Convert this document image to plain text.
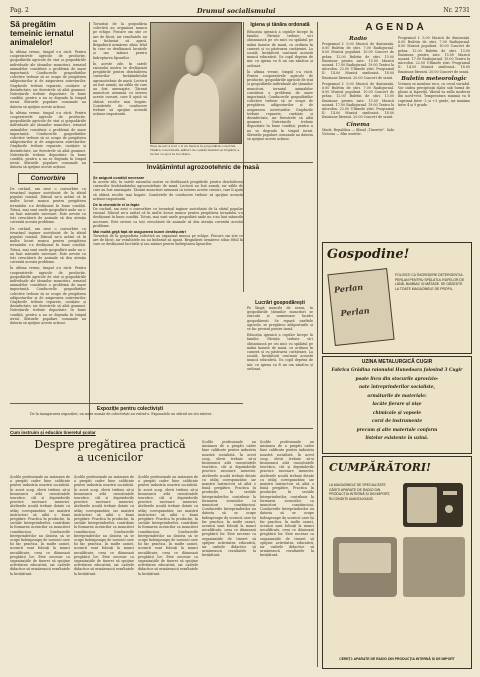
Pag. 2	Drumul socialismului	Nr. 2731
Să pregătim temeinic iernatul animalelor!

În ultima vreme, timpul s-a răcit. Pentru cooperativele agricole de producție, gospodăriile agricole de stat și gospodăriile individuale ale țăranilor muncitori, iernatul animalelor constituie o problemă de mare importanță. Conducerile gospodăriilor colective trebuie să se ocupe de pregătirea adăposturilor și de asigurarea nutrețurilor. Grajdurile trebuie reparate, curățate și dezinfectate, iar ferestrele să aibă geamuri. Nutrețurile trebuie depozitate în bune condiții, pentru a nu se degrada în timpul iernii. Sfaturile populare comunale au datoria să sprijine aceste acțiuni.

În ultima vreme, timpul s-a răcit. Pentru cooperativele agricole de producție, gospodăriile agricole de stat și gospodăriile individuale ale țăranilor muncitori, iernatul animalelor constituie o problemă de mare importanță. Conducerile gospodăriilor colective trebuie să se ocupe de pregătirea adăposturilor și de asigurarea nutrețurilor. Grajdurile trebuie reparate, curățate și dezinfectate, iar ferestrele să aibă geamuri. Nutrețurile trebuie depozitate în bune condiții, pentru a nu se degrada în timpul iernii. Sfaturile populare comunale au datoria să sprijine aceste acțiuni.

Convorbire

De curând, am avut o convorbire cu tovarășul inginer zootehnist de la sfatul popular raional. Dânsul ne-a arătat că în multe locuri munca pentru pregătirea iernatului s-a desfășurat în bune condiții. Totuși, mai sunt unele gospodării unde nu s-au luat măsurile necesare. Este nevoie ca toți crescătorii de animale să dea atenția cuvenită acestei probleme.

De curând, am avut o convorbire cu tovarășul inginer zootehnist de la sfatul popular raional. Dânsul ne-a arătat că în multe locuri munca pentru pregătirea iernatului s-a desfășurat în bune condiții. Totuși, mai sunt unele gospodării unde nu s-au luat măsurile necesare. Este nevoie ca toți crescătorii de animale să dea atenția cuvenită acestei probleme.

În ultima vreme, timpul s-a răcit. Pentru cooperativele agricole de producție, gospodăriile agricole de stat și gospodăriile individuale ale țăranilor muncitori, iernatul animalelor constituie o problemă de mare importanță. Conducerile gospodăriilor colective trebuie să se ocupe de pregătirea adăposturilor și de asigurarea nutrețurilor. Grajdurile trebuie reparate, curățate și dezinfectate, iar ferestrele să aibă geamuri. Nutrețurile trebuie depozitate în bune condiții, pentru a nu se degrada în timpul iernii. Sfaturile populare comunale au datoria să sprijine aceste acțiuni.

Ziua de ieri a fost o zi de muncă în gospodăria colectivă. Tânăra colectivistă, alături de ceilalți membri ai brigăzii, a lucrat cu spor la recoltare.

Tovarășii de la gospodăria colectivă au organizat munca pe echipe. Fiecare om știe ce are de făcut, iar rezultatele nu au întârziat să apară. Brigadierii urmăresc zilnic felul în care se desfășoară lucrările și iau măsuri pentru îndreptarea lipsurilor.

În aceste zile, în satele raionului nostru se desfășoară pregătirile pentru deschiderea cursurilor învățămîntului agrozootehnic de masă. Lectorii au fost numiți, iar sălile de curs au fost amenajate. Țăranii muncitori urmează cu interes aceste cursuri, care îi ajută să obțină recolte mai bogate. Comitetele de conducere trebuie să sprijine această acțiune importantă.

Igiena și tânăra ordonată

Educația igienică a copiilor începe în familie. Părinții trebuie să-i obișnuiască pe cei mici cu spălatul pe mâini înainte de masă, cu ordinea în cameră și cu păstrarea curățeniei. La școală, învățătorii continuă această muncă educativă. Un copil deprins de mic cu igiena va fi un om sănătos și ordonat.

În ultima vreme, timpul s-a răcit. Pentru cooperativele agricole de producție, gospodăriile agricole de stat și gospodăriile individuale ale țăranilor muncitori, iernatul animalelor constituie o problemă de mare importanță. Conducerile gospodăriilor colective trebuie să se ocupe de pregătirea adăposturilor și de asigurarea nutrețurilor. Grajdurile trebuie reparate, curățate și dezinfectate, iar ferestrele să aibă geamuri. Nutrețurile trebuie depozitate în bune condiții, pentru a nu se degrada în timpul iernii. Sfaturile populare comunale au datoria să sprijine aceste acțiuni.

Învățămîntul agrozootehnic de masă
Se asigură condiții necesare

În aceste zile, în satele raionului nostru se desfășoară pregătirile pentru deschiderea cursurilor învățămîntului agrozootehnic de masă. Lectorii au fost numiți, iar sălile de curs au fost amenajate. Țăranii muncitori urmează cu interes aceste cursuri, care îi ajută să obțină recolte mai bogate. Comitetele de conducere trebuie să sprijine această acțiune importantă.

De la chemările ei la fapte

De curând, am avut o convorbire cu tovarășul inginer zootehnist de la sfatul popular raional. Dânsul ne-a arătat că în multe locuri munca pentru pregătirea iernatului s-a desfășurat în bune condiții. Totuși, mai sunt unele gospodării unde nu s-au luat măsurile necesare. Este nevoie ca toți crescătorii de animale să dea atenția cuvenită acestei probleme.

Mai multă grijă față de asigurarea bunei desfășurări

Tovarășii de la gospodăria colectivă au organizat munca pe echipe. Fiecare om știe ce are de făcut, iar rezultatele nu au întârziat să apară. Brigadierii urmăresc zilnic felul în care se desfășoară lucrările și iau măsuri pentru îndreptarea lipsurilor.

Lucrări gospodărești

Pe lângă muncile de sezon, în gospodăriile țăranilor muncitori se execută și numeroase lucrări gospodărești. Se repară uneltele agricole, se pregătesc adăposturile și se fac provizii pentru iarnă.

Educația igienică a copiilor începe în familie. Părinții trebuie să-i obișnuiască pe cei mici cu spălatul pe mâini înainte de masă, cu ordinea în cameră și cu păstrarea curățeniei. La școală, învățătorii continuă această muncă educativă. Un copil deprins de mic cu igiena va fi un om sănătos și ordonat.

Expoziție pentru colectiviști

De la inaugurarea expoziției, un mare număr de colectiviști au vizitat-o. Exponatele au stârnit un viu interes.

Cum instruim și educăm tineretul școlar
Despre pregătirea practică a ucenicilor

Școlile profesionale au misiunea de a pregăti cadre bine calificate pentru industria noastră socialistă. În acest scop, elevii trebuie să-și însușească atât cunoștințele teoretice, cât și deprinderile practice necesare meseriei. Atelierele școală trebuie dotate cu utilaj corespunzător, iar maiștrii instructori să aibă o bună pregătire. Practica în producție, în secțiile întreprinderilor, contribuie la formarea ucenicilor ca muncitori conștiincioși. Conducerile întreprinderilor au datoria să se ocupe îndeaproape de ucenicii care își fac practica. În multe cazuri, ucenicii sunt folosiți la munci necalificate, ceea ce dăunează pregătirii lor. Este necesar ca organizațiile de tineret să sprijine activitatea educativă, iar cadrele didactice să urmărească rezultatele la învățătură.

Școlile profesionale au misiunea de a pregăti cadre bine calificate pentru industria noastră socialistă. În acest scop, elevii trebuie să-și însușească atât cunoștințele teoretice, cât și deprinderile practice necesare meseriei. Atelierele școală trebuie dotate cu utilaj corespunzător, iar maiștrii instructori să aibă o bună pregătire. Practica în producție, în secțiile întreprinderilor, contribuie la formarea ucenicilor ca muncitori conștiincioși. Conducerile întreprinderilor au datoria să se ocupe îndeaproape de ucenicii care își fac practica. În multe cazuri, ucenicii sunt folosiți la munci necalificate, ceea ce dăunează pregătirii lor. Este necesar ca organizațiile de tineret să sprijine activitatea educativă, iar cadrele didactice să urmărească rezultatele la învățătură.

Școlile profesionale au misiunea de a pregăti cadre bine calificate pentru industria noastră socialistă. În acest scop, elevii trebuie să-și însușească atât cunoștințele teoretice, cât și deprinderile practice necesare meseriei. Atelierele școală trebuie dotate cu utilaj corespunzător, iar maiștrii instructori să aibă o bună pregătire. Practica în producție, în secțiile întreprinderilor, contribuie la formarea ucenicilor ca muncitori conștiincioși. Conducerile întreprinderilor au datoria să se ocupe îndeaproape de ucenicii care își fac practica. În multe cazuri, ucenicii sunt folosiți la munci necalificate, ceea ce dăunează pregătirii lor. Este necesar ca organizațiile de tineret să sprijine activitatea educativă, iar cadrele didactice să urmărească rezultatele la învățătură.

Școlile profesionale au misiunea de a pregăti cadre bine calificate pentru industria noastră socialistă. În acest scop, elevii trebuie să-și însușească atât cunoștințele teoretice, cât și deprinderile practice necesare meseriei. Atelierele școală trebuie dotate cu utilaj corespunzător, iar maiștrii instructori să aibă o bună pregătire. Practica în producție, în secțiile întreprinderilor, contribuie la formarea ucenicilor ca muncitori conștiincioși. Conducerile întreprinderilor au datoria să se ocupe îndeaproape de ucenicii care își fac practica. În multe cazuri, ucenicii sunt folosiți la munci necalificate, ceea ce dăunează pregătirii lor. Este necesar ca organizațiile de tineret să sprijine activitatea educativă, iar cadrele didactice să urmărească rezultatele la învățătură.

Școlile profesionale au misiunea de a pregăti cadre bine calificate pentru industria noastră socialistă. În acest scop, elevii trebuie să-și însușească atât cunoștințele teoretice, cât și deprinderile practice necesare meseriei. Atelierele școală trebuie dotate cu utilaj corespunzător, iar maiștrii instructori să aibă o bună pregătire. Practica în producție, în secțiile întreprinderilor, contribuie la formarea ucenicilor ca muncitori conștiincioși. Conducerile întreprinderilor au datoria să se ocupe îndeaproape de ucenicii care își fac practica. În multe cazuri, ucenicii sunt folosiți la munci necalificate, ceea ce dăunează pregătirii lor. Este necesar ca organizațiile de tineret să sprijine activitatea educativă, iar cadrele didactice să urmărească rezultatele la învățătură.

AGENDĂ
Radio

Programul I: 5.00 Muzică de dimineață. 6.00 Buletin de știri. 7.00 Radiojurnal. 8.00 Muzică populară. 10.00 Concert de prânz. 12.00 Buletin de știri. 13.00 Emisiune pentru sate. 15.00 Muzică ușoară. 17.00 Radiojurnal. 19.00 Teatru la microfon. 22.00 Ultimele știri. Programul II: 14.00 Muzică simfonică. 18.00 Emisiune literară. 20.00 Concert de seară.

Programul I: 5.00 Muzică de dimineață. 6.00 Buletin de știri. 7.00 Radiojurnal. 8.00 Muzică populară. 10.00 Concert de prânz. 12.00 Buletin de știri. 13.00 Emisiune pentru sate. 15.00 Muzică ușoară. 17.00 Radiojurnal. 19.00 Teatru la microfon. 22.00 Ultimele știri. Programul II: 14.00 Muzică simfonică. 18.00 Emisiune literară. 20.00 Concert de seară.

Cinema

Marți: Republica — filmul „Tinerețe”. Sala Victoria — film sovietic.

Programul I: 5.00 Muzică de dimineață. 6.00 Buletin de știri. 7.00 Radiojurnal. 8.00 Muzică populară. 10.00 Concert de prânz. 12.00 Buletin de știri. 13.00 Emisiune pentru sate. 15.00 Muzică ușoară. 17.00 Radiojurnal. 19.00 Teatru la microfon. 22.00 Ultimele știri. Programul II: 14.00 Muzică simfonică. 18.00 Emisiune literară. 20.00 Concert de seară.

Buletin meteorologic

Vremea se menține rece, cu cerul variabil. Vor cădea precipitații slabe sub formă de ploaie și lapoviță. Vântul va sufla moderat din nord-vest. Temperatura minimă va fi cuprinsă între -2 și +3 grade, iar maxima între 4 și 9 grade.

Gospodine!
Perlan
Perlan
FOLOSIȚI CU ÎNCREDERE DETERGENTUL PERLAN PENTRU SPĂLATUL RUFELOR DE LÂNĂ, BUMBAC ȘI MĂTASE. SE GĂSEȘTE LA TOATE MAGAZINELE DE PROFIL.
UZINA METALURGICĂ CUGIR
Fabrica Grădina raionului Hunedoara folosind 3 Cugir
poate livra din stocurile aprovizio-
nate întreprinderilor socialiste,
armăturile de materiale:
lacăte fierare și nișe
chimicale și vopsele
corzi de instrumente
precum și alte materiale conform
listelor existente în uzină.
CUMPĂRĂTORI!
LA MAGAZINELE DE SPECIALITATE GĂSIȚI APARATE DE RADIO DIN PRODUCȚIA INTERNĂ ȘI DIN IMPORT, ÎN CONDIȚII AVANTAJOASE.
CEREȚI: APARATE DE RADIO DIN PRODUCȚIA INTERNĂ ȘI DE IMPORT
